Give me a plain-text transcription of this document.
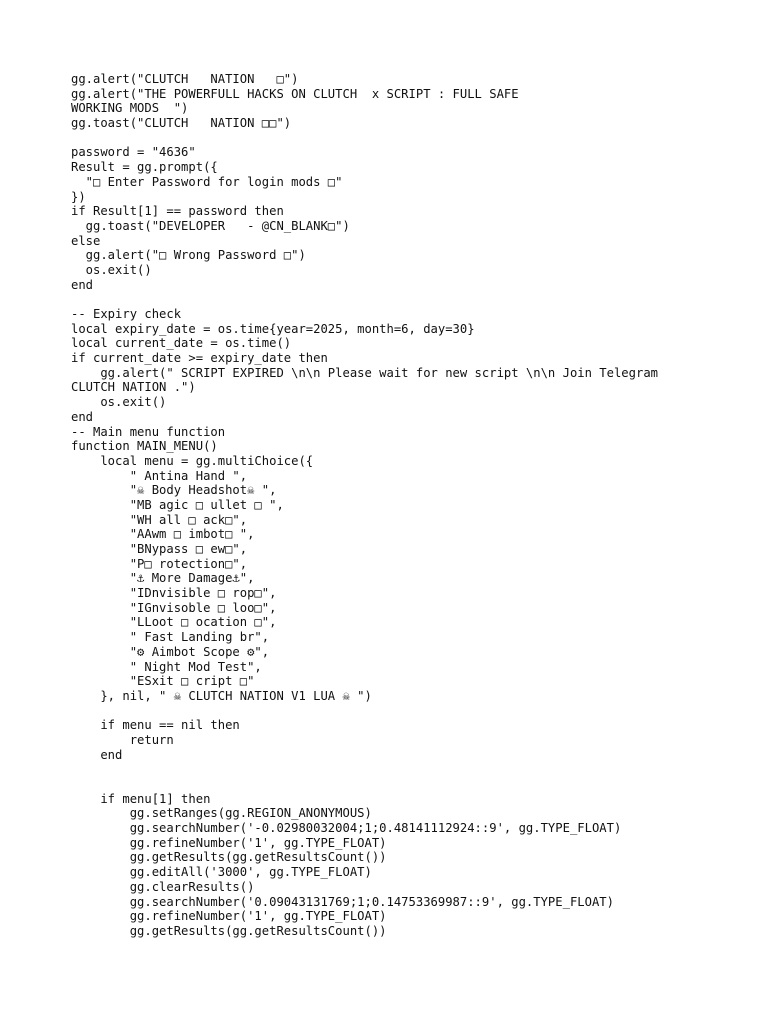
gg.alert("CLUTCH   NATION   □")
gg.alert("THE POWERFULL HACKS ON CLUTCH  x SCRIPT : FULL SAFE
WORKING MODS  ")
gg.toast("CLUTCH   NATION □□")
password = "4636"
Result = gg.prompt({
"□ Enter Password for login mods □"
})
if Result[1] == password then
gg.toast("DEVELOPER   - @CN_BLANK□")
else
gg.alert("□ Wrong Password □")
os.exit()
end
-- Expiry check
local expiry_date = os.time{year=2025, month=6, day=30}
local current_date = os.time()
if current_date >= expiry_date then
gg.alert(" SCRIPT EXPIRED \n\n Please wait for new script \n\n Join Telegram
CLUTCH NATION .")
os.exit()
end
-- Main menu function
function MAIN_MENU()
local menu = gg.multiChoice({
" Antina Hand ",
"☠ Body Headshot☠ ",
"MB agic □ ullet □ ",
"WH all □ ack□",
"AAwm □ imbot□ ",
"BNypass □ ew□",
"P□ rotection□",
"⚓ More Damage⚓",
"IDnvisible □ rop□",
"IGnvisoble □ loo□",
"LLoot □ ocation □",
" Fast Landing br",
"⚙ Aimbot Scope ⚙",
" Night Mod Test",
"ESxit □ cript □"
}, nil, " ☠ CLUTCH NATION V1 LUA ☠ ")
if menu == nil then
return
end
if menu[1] then
gg.setRanges(gg.REGION_ANONYMOUS)
gg.searchNumber('-0.02980032004;1;0.48141112924::9', gg.TYPE_FLOAT)
gg.refineNumber('1', gg.TYPE_FLOAT)
gg.getResults(gg.getResultsCount())
gg.editAll('3000', gg.TYPE_FLOAT)
gg.clearResults()
gg.searchNumber('0.09043131769;1;0.14753369987::9', gg.TYPE_FLOAT)
gg.refineNumber('1', gg.TYPE_FLOAT)
gg.getResults(gg.getResultsCount())
